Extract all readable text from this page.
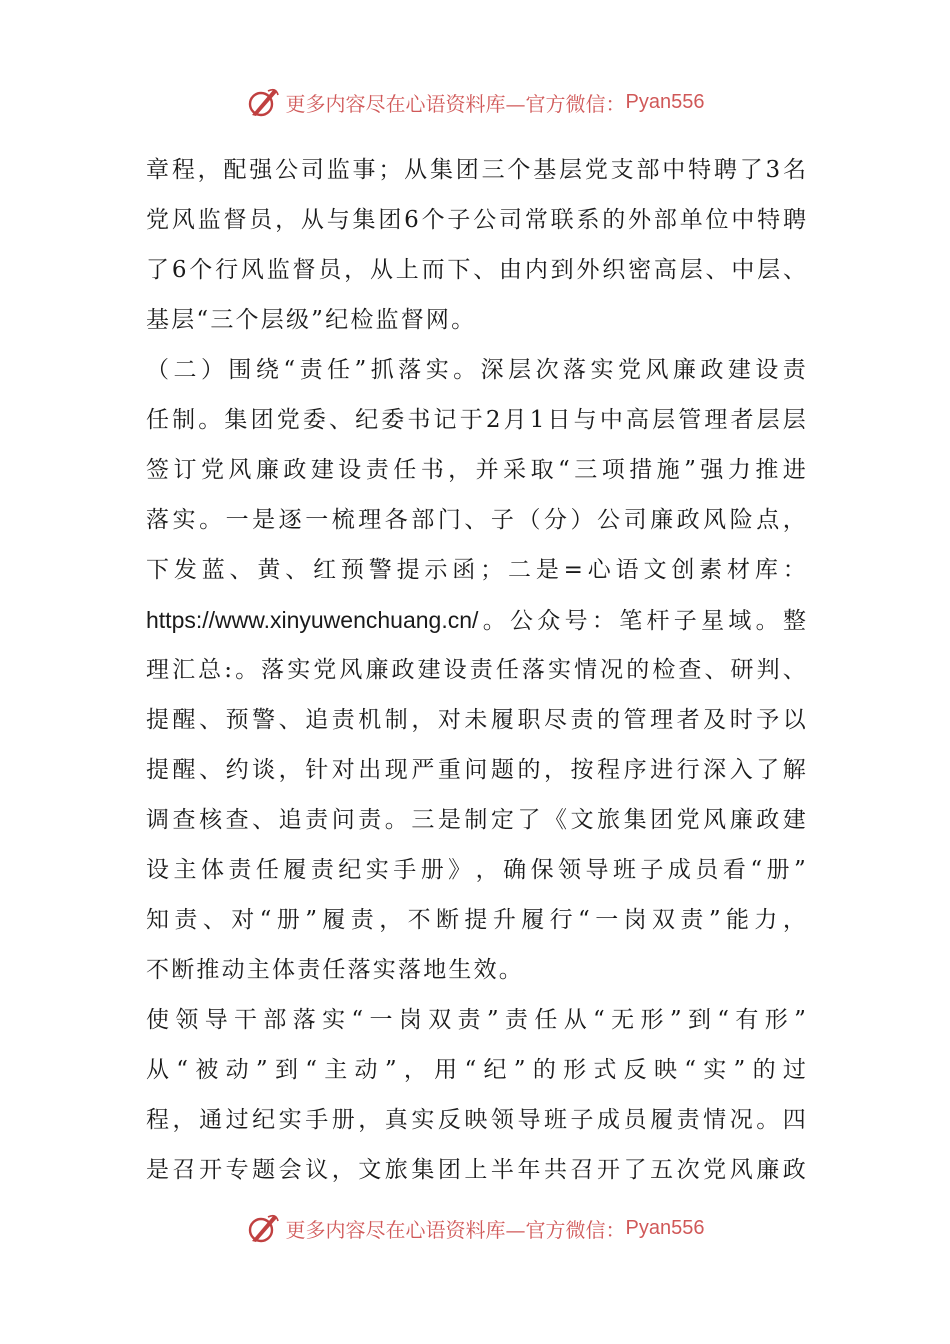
更多内容尽在心语资料库—官方微信： Pyan556
章 程 ， 配 强 公 司 监 事 ； 从 集 团 三 个 基 层 党 支 部 中 特 聘 了 3 名
党 风 监 督 员 ， 从 与 集 团 6 个 子 公 司 常 联 系 的 外 部 单 位 中 特 聘
了 6 个 行 风 监 督 员 ， 从 上 而 下 、 由 内 到 外 织 密 高 层 、 中 层 、
基层“三个层级”纪检监督网。
（ 二 ） 围 绕 “ 责 任 ” 抓 落 实 。 深 层 次 落 实 党 风 廉 政 建 设 责
任 制 。 集 团 党 委 、 纪 委 书 记 于 2 月 1 日 与 中 高 层 管 理 者 层 层
签 订 党 风 廉 政 建 设 责 任 书 ， 并 采 取 “ 三 项 措 施 ” 强 力 推 进
落 实 。 一 是 逐 一 梳 理 各 部 门 、 子 （ 分 ） 公 司 廉 政 风 险 点 ，
下 发 蓝 、 黄 、 红 预 警 提 示 函 ； 二 是 = 心 语 文 创 素 材 库 ：
https://www.xinyuwenchuang.cn/ 。 公 众 号 ： 笔 杆 子 星 域 。 整
理 汇 总 : 。 落 实 党 风 廉 政 建 设 责 任 落 实 情 况 的 检 查 、 研 判 、
提 醒 、 预 警 、 追 责 机 制 ， 对 未 履 职 尽 责 的 管 理 者 及 时 予 以
提 醒 、 约 谈 ， 针 对 出 现 严 重 问 题 的 ， 按 程 序 进 行 深 入 了 解
调 查 核 查 、 追 责 问 责 。 三 是 制 定 了 《 文 旅 集 团 党 风 廉 政 建
设 主 体 责 任 履 责 纪 实 手 册 》 ， 确 保 领 导 班 子 成 员 看 “ 册 ”
知 责 、 对 “ 册 ” 履 责 ， 不 断 提 升 履 行 “ 一 岗 双 责 ” 能 力 ，
不断推动主体责任落实落地生效。
使 领 导 干 部 落 实 “ 一 岗 双 责 ” 责 任 从 “ 无 形 ” 到 “ 有 形 ”
从 “ 被 动 ” 到 “ 主 动 ” ， 用 “ 纪 ” 的 形 式 反 映 “ 实 ” 的 过
程 ， 通 过 纪 实 手 册 ， 真 实 反 映 领 导 班 子 成 员 履 责 情 况 。 四
是 召 开 专 题 会 议 ， 文 旅 集 团 上 半 年 共 召 开 了 五 次 党 风 廉 政
更多内容尽在心语资料库—官方微信： Pyan556
